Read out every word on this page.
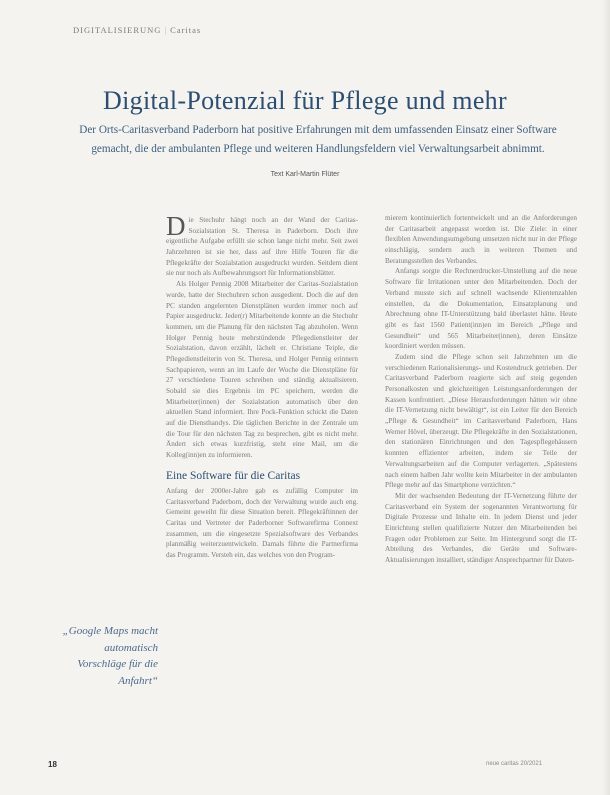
DIGITALISIERUNG | Caritas
Digital-Potenzial für Pflege und mehr
Der Orts-Caritasverband Paderborn hat positive Erfahrungen mit dem umfassenden Einsatz einer Software gemacht, die der ambulanten Pflege und weiteren Handlungsfeldern viel Verwaltungsarbeit abnimmt.
Text Karl-Martin Flüter

Die Stechuhr hängt noch an der Wand der Caritas-Sozialstation St. Theresa in Paderborn. Doch ihre eigentliche Aufgabe erfüllt sie schon lange nicht mehr. Seit zwei Jahrzehnten ist sie her, dass auf ihre Hilfe Touren für die Pflegekräfte der Sozialstation ausgedruckt wurden. Seitdem dient sie nur noch als Aufbewahrungsort für Informationsblätter.

Als Holger Pennig 2008 Mitarbeiter der Caritas-Sozialstation wurde, hatte der Stechuhren schon ausgedient. Doch die auf den PC standen angelernten Dienstplänen wurden immer noch auf Papier ausgedruckt. Jeder(r) Mitarbeitende konnte an die Stechuhr kommen, um die Planung für den nächsten Tag abzuholen. Wenn Holger Pennig heute mehrstündende Pflegedienstleiter der Sozialstation, davon erzählt, lächelt er. Christiane Teiple, die Pflegedienstleiterin von St. Theresa, und Holger Pennig erinnern Sachpapieren, wenn an im Laufe der Woche die Dienstpläne für 27 verschiedene Touren schreiben und ständig aktualisieren. Sobald sie dies Ergebnis im PC speichern, werden die Mitarbeiter(innen) der Sozialstation automatisch über den aktuellen Stand informiert. Ihre Pock-Funktion schickt die Daten auf die Diensthandys. Die täglichen Berichte in der Zentrale um die Tour für den nächsten Tag zu besprechen, gibt es nicht mehr. Ändert sich etwas kurzfristig, steht eine Mail, um die Kolleg(inn)en zu informieren.

Eine Software für die Caritas

Anfang der 2000er-Jahre gab es zufällig Computer im Caritasverband Paderborn, doch der Verwaltung wurde auch eng. Gemeint geweiht für diese Situation bereit. Pflegekräftinnen der Caritas und Vertreter der Paderborner Softwarefirma Connext zusammen, um die eingesetzte Spezialsoftware des Verbandes planmäßig weiterzuentwickeln. Damals führte die Partnerfirma das Programm. Versteh ein, das welches von den Program-

mierern kontinuierlich fortentwickelt und an die Anforderungen der Caritasarbeit angepasst worden ist. Die Ziele: in einer flexiblen Anwendungsumgebung umsetzen nicht nur in der Pflege einschlägig, sondern auch in weiteren Themen und Beratungsstellen des Verbandes.

Anfangs sorgte die Rechnerdrucker-Umstellung auf die neue Software für Irritationen unter den Mitarbeitenden. Doch der Verband musste sich auf schnell wachsende Klientenzahlen einstellen, da die Dokumentation, Einsatzplanung und Abrechnung ohne IT-Unterstützung bald überlastet hätte. Heute gibt es fast 1560 Patient(inn)en im Bereich „Pflege und Gesundheit“ und 565 Mitarbeiter(innen), deren Einsätze koordiniert werden müssen.

Zudem sind die Pflege schon seit Jahrzehnten um die verschiedenen Rationalisierungs- und Kostendruck getrieben. Der Caritasverband Paderborn reagierte sich auf steig gegenden Personalkosten und gleichzeitigen Leistungsanforderungen der Kassen konfrontiert. „Diese Herausforderungen hätten wir ohne die IT-Vernetzung nicht bewältigt“, ist ein Leiter für den Bereich „Pflege & Gesundheit“ im Caritasverband Paderborn, Hans Werner Hövel, überzeugt. Die Pflegekräfte in den Sozialstationen, den stationären Einrichtungen und den Tagespflegehäusern konnten effizienter arbeiten, indem sie Teile der Verwaltungsarbeiten auf die Computer verlagerten. „Spätestens nach einem halben Jahr wollte kein Mitarbeiter in der ambulanten Pflege mehr auf das Smartphone verzichten.“

Mit der wachsenden Bedeutung der IT-Vernetzung führte der Caritasverband ein System der sogenannten Verantwortung für Digitale Prozesse und Inhalte ein. In jedem Dienst und jeder Einrichtung stellen qualifizierte Nutzer den Mitarbeitenden bei Fragen oder Problemen zur Seite. Im Hintergrund sorgt die IT-Abteilung des Verbandes, die Geräte und Software-Aktualisierungen installiert, ständiger Ansprechpartner für Daten-

„Google Maps macht automatisch Vorschläge für die Anfahrt“
18	neue caritas 20/2021
